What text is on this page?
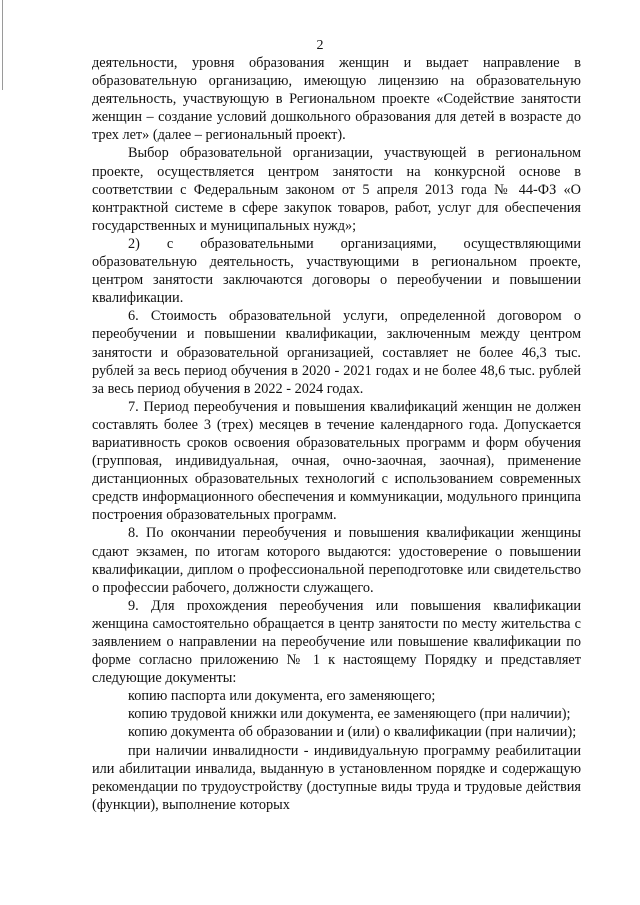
2

деятельности, уровня образования женщин и выдает направление в образовательную организацию, имеющую лицензию на образовательную деятельность, участвующую в Региональном проекте «Содействие занятости женщин – создание условий дошкольного образования для детей в возрасте до трех лет» (далее – региональный проект).

Выбор образовательной организации, участвующей в региональном проекте, осуществляется центром занятости на конкурсной основе в соответствии с Федеральным законом от 5 апреля 2013 года № 44-ФЗ «О контрактной системе в сфере закупок товаров, работ, услуг для обеспечения государственных и муниципальных нужд»;

2) с образовательными организациями, осуществляющими образовательную деятельность, участвующими в региональном проекте, центром занятости заключаются договоры о переобучении и повышении квалификации.

6. Стоимость образовательной услуги, определенной договором о переобучении и повышении квалификации, заключенным между центром занятости и образовательной организацией, составляет не более 46,3 тыс. рублей за весь период обучения в 2020 - 2021 годах и не более 48,6 тыс. рублей за весь период обучения в 2022 - 2024 годах.

7. Период переобучения и повышения квалификаций женщин не должен составлять более 3 (трех) месяцев в течение календарного года. Допускается вариативность сроков освоения образовательных программ и форм обучения (групповая, индивидуальная, очная, очно-заочная, заочная), применение дистанционных образовательных технологий с использованием современных средств информационного обеспечения и коммуникации, модульного принципа построения образовательных программ.

8. По окончании переобучения и повышения квалификации женщины сдают экзамен, по итогам которого выдаются: удостоверение о повышении квалификации, диплом о профессиональной переподготовке или свидетельство о профессии рабочего, должности служащего.

9. Для прохождения переобучения или повышения квалификации женщина самостоятельно обращается в центр занятости по месту жительства с заявлением о направлении на переобучение или повышение квалификации по форме согласно приложению № 1 к настоящему Порядку и представляет следующие документы:

копию паспорта или документа, его заменяющего;

копию трудовой книжки или документа, ее заменяющего (при наличии);

копию документа об образовании и (или) о квалификации (при наличии);

при наличии инвалидности - индивидуальную программу реабилитации или абилитации инвалида, выданную в установленном порядке и содержащую рекомендации по трудоустройству (доступные виды труда и трудовые действия (функции), выполнение которых
